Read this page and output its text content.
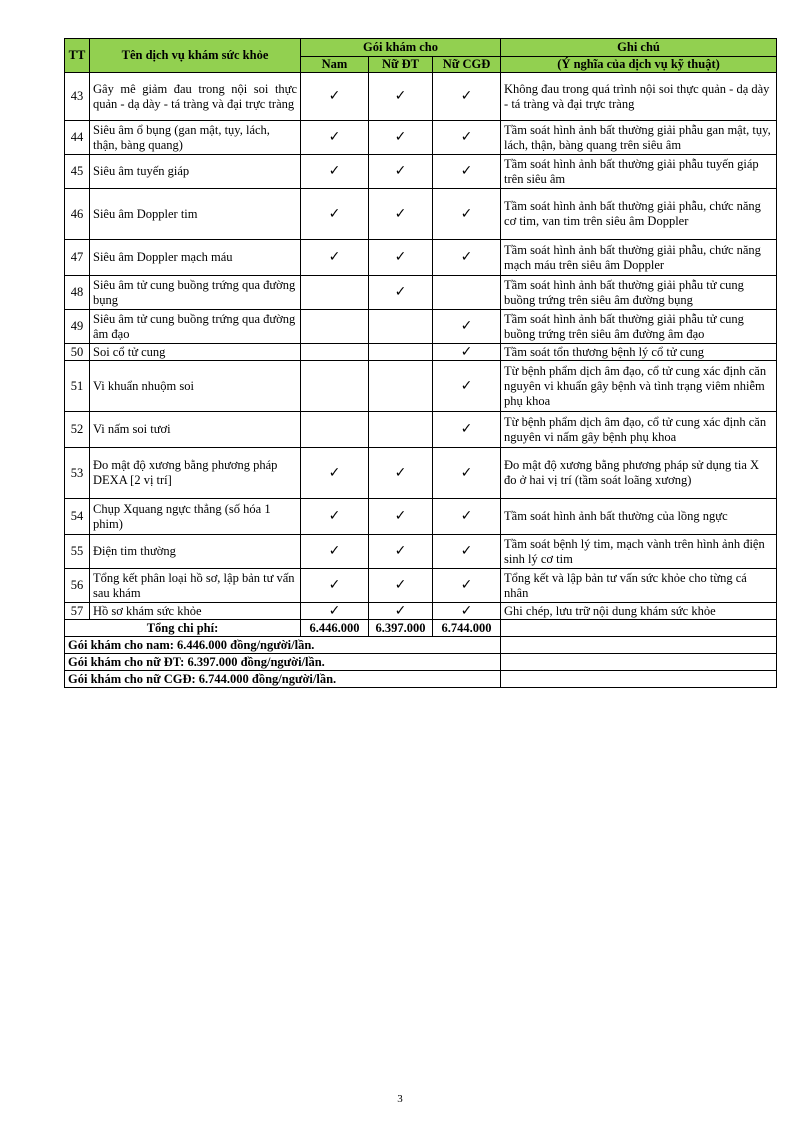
TT	Tên dịch vụ khám sức khỏe	Gói khám cho			Ghi chú
		Nam	Nữ ĐT	Nữ CGĐ	(Ý nghĩa của dịch vụ kỹ thuật)
43	Gây mê giảm đau trong nội soi thực quản - dạ dày - tá tràng và đại trực tràng	✓	✓	✓	Không đau trong quá trình nội soi thực quản - dạ dày - tá tràng và đại trực tràng
44	Siêu âm ổ bụng (gan mật, tụy, lách, thận, bàng quang)	✓	✓	✓	Tầm soát hình ảnh bất thường giải phẫu gan mật, tụy, lách, thận, bàng quang trên siêu âm
45	Siêu âm tuyến giáp	✓	✓	✓	Tầm soát hình ảnh bất thường giải phẫu tuyến giáp trên siêu âm
46	Siêu âm Doppler tim	✓	✓	✓	Tầm soát hình ảnh bất thường giải phẫu, chức năng cơ tim, van tim trên siêu âm Doppler
47	Siêu âm Doppler mạch máu	✓	✓	✓	Tầm soát hình ảnh bất thường giải phẫu, chức năng mạch máu trên siêu âm Doppler
48	Siêu âm tử cung buồng trứng qua đường bụng		✓		Tầm soát hình ảnh bất thường giải phẫu tử cung buồng trứng trên siêu âm đường bụng
49	Siêu âm tử cung buồng trứng qua đường âm đạo			✓	Tầm soát hình ảnh bất thường giải phẫu tử cung buồng trứng trên siêu âm đường âm đạo
50	Soi cổ tử cung			✓	Tầm soát tổn thương bệnh lý cổ tử cung
51	Vi khuẩn nhuộm soi			✓	Từ bệnh phẩm dịch âm đạo, cổ tử cung xác định căn nguyên vi khuẩn gây bệnh và tình trạng viêm nhiễm phụ khoa
52	Vi nấm soi tươi			✓	Từ bệnh phẩm dịch âm đạo, cổ tử cung xác định căn nguyên vi nấm gây bệnh phụ khoa
53	Đo mật độ xương bằng phương pháp DEXA [2 vị trí]	✓	✓	✓	Đo mật độ xương bằng phương pháp sử dụng tia X đo ở hai vị trí (tầm soát loãng xương)
54	Chụp Xquang ngực thẳng (số hóa 1 phim)	✓	✓	✓	Tầm soát hình ảnh bất thường của lồng ngực
55	Điện tim thường	✓	✓	✓	Tầm soát bệnh lý tim, mạch vành trên hình ảnh điện sinh lý cơ tim
56	Tổng kết phân loại hồ sơ, lập bản tư vấn sau khám	✓	✓	✓	Tổng kết và lập bản tư vấn sức khỏe cho từng cá nhân
57	Hồ sơ khám sức khỏe	✓	✓	✓	Ghi chép, lưu trữ nội dung khám sức khỏe
Tổng chi phí:		6.446.000	6.397.000	6.744.000	
Gói khám cho nam: 6.446.000 đồng/người/lần.					
Gói khám cho nữ ĐT: 6.397.000 đồng/người/lần.					
Gói khám cho nữ CGĐ: 6.744.000 đồng/người/lần.					
3
